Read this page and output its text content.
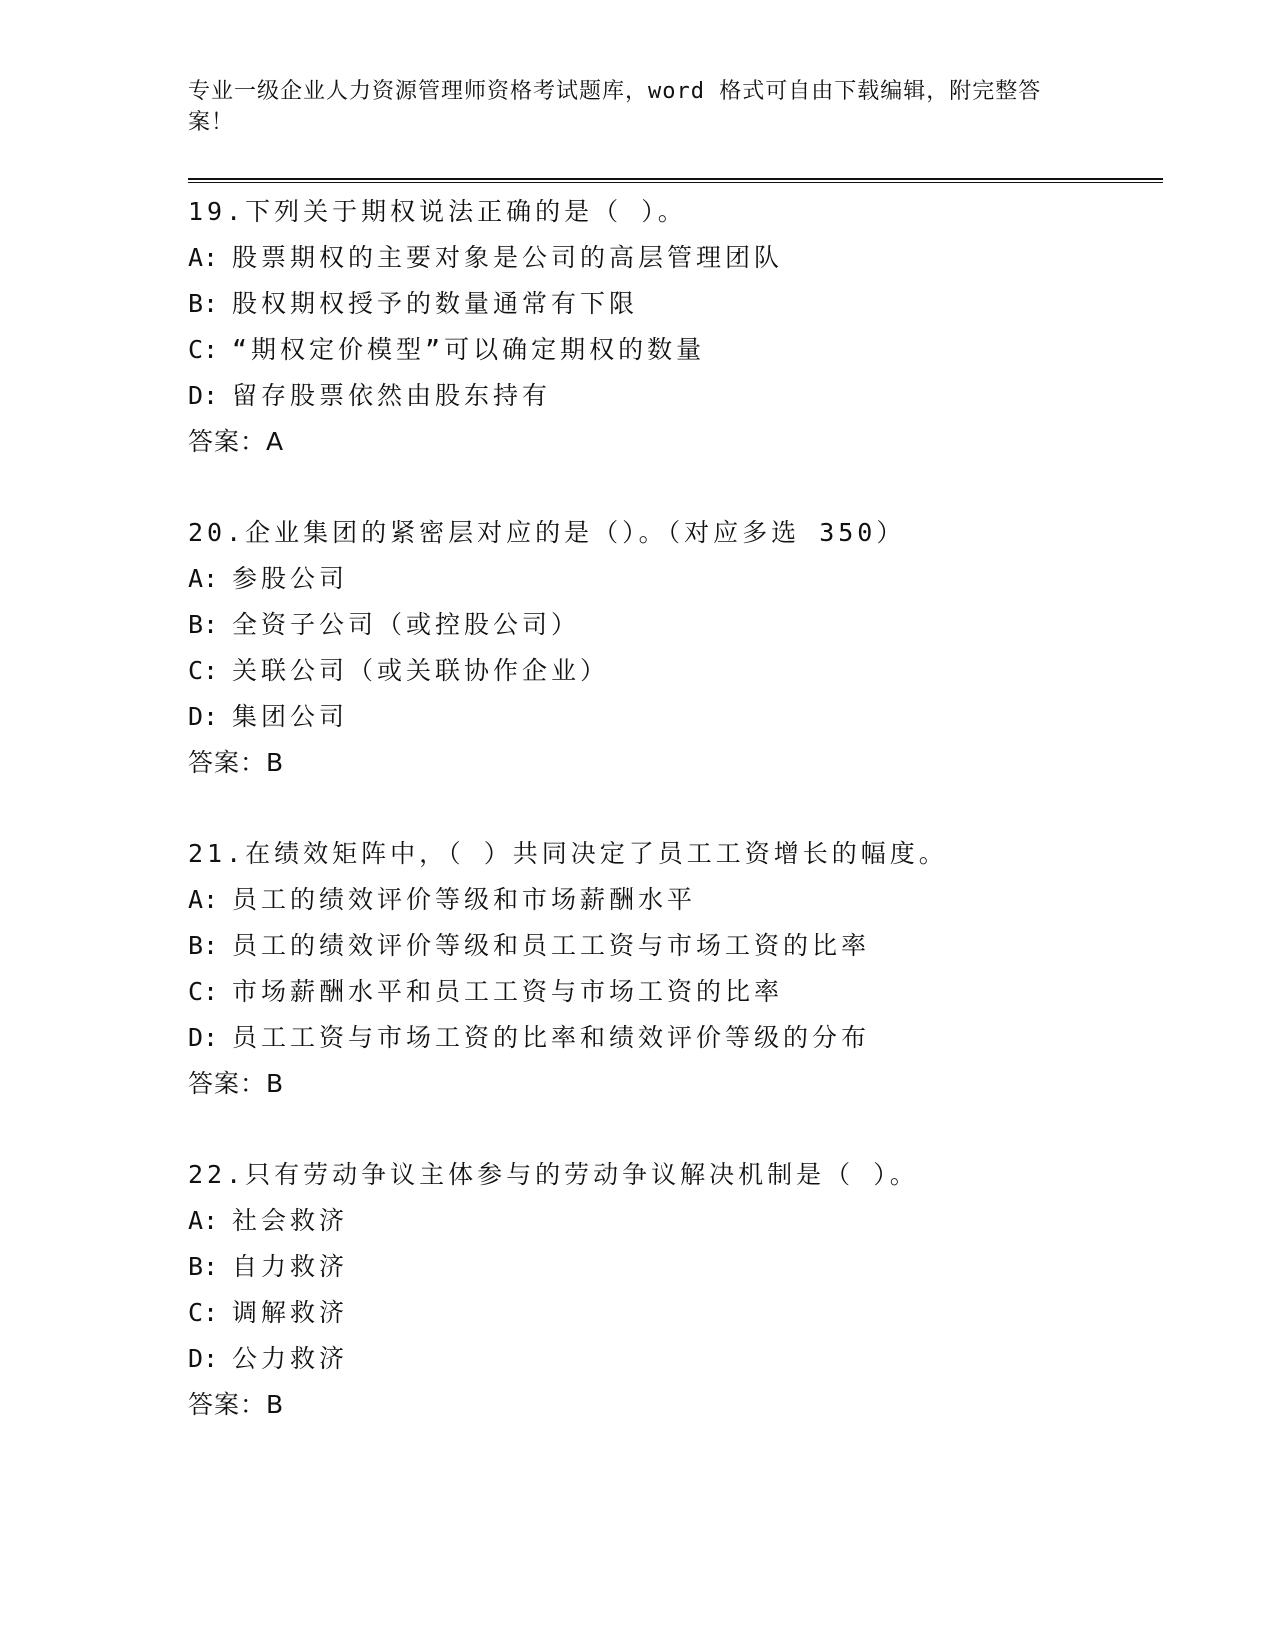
专业一级企业人力资源管理师资格考试题库，word 格式可自由下载编辑，附完整答案！
19.下列关于期权说法正确的是（ ）。
A: 股票期权的主要对象是公司的高层管理团队
B: 股权期权授予的数量通常有下限
C: “期权定价模型”可以确定期权的数量
D: 留存股票依然由股东持有
答案：A
20.企业集团的紧密层对应的是（）。（对应多选 350）
A: 参股公司
B: 全资子公司（或控股公司）
C: 关联公司（或关联协作企业）
D: 集团公司
答案：B
21.在绩效矩阵中，（ ）共同决定了员工工资增长的幅度。
A: 员工的绩效评价等级和市场薪酬水平
B: 员工的绩效评价等级和员工工资与市场工资的比率
C: 市场薪酬水平和员工工资与市场工资的比率
D: 员工工资与市场工资的比率和绩效评价等级的分布
答案：B
22.只有劳动争议主体参与的劳动争议解决机制是（ ）。
A: 社会救济
B: 自力救济
C: 调解救济
D: 公力救济
答案：B
